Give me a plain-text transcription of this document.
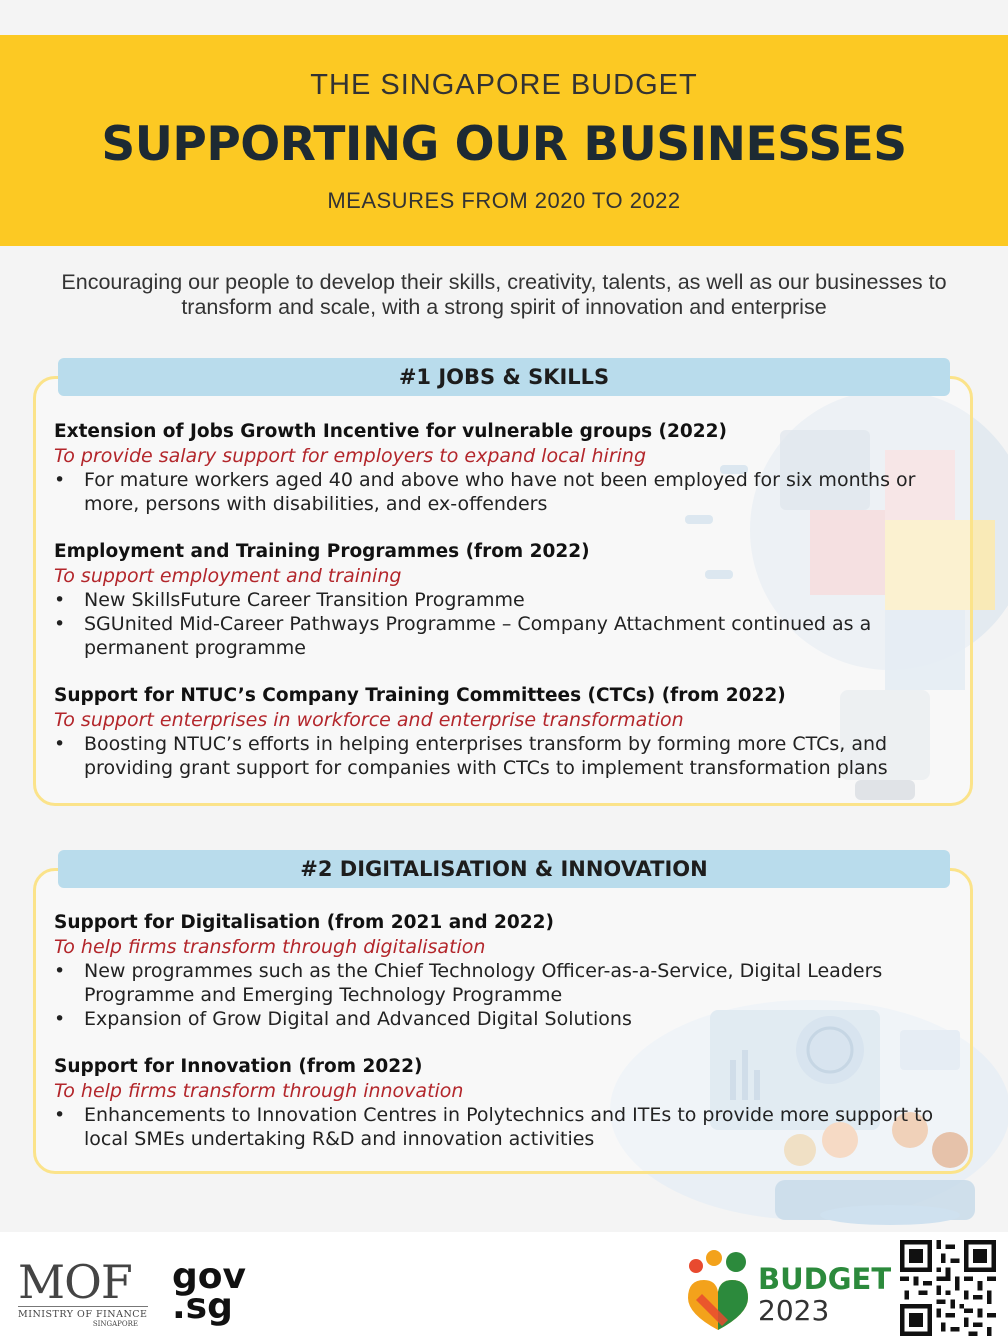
THE SINGAPORE BUDGET
SUPPORTING OUR BUSINESSES
MEASURES FROM 2020 TO 2022
Encouraging our people to develop their skills, creativity, talents, as well as our businesses to transform and scale, with a strong spirit of innovation and enterprise
#1 JOBS & SKILLS
Extension of Jobs Growth Incentive for vulnerable groups (2022)
To provide salary support for employers to expand local hiring
• For mature workers aged 40 and above who have not been employed for six months or more, persons with disabilities, and ex-offenders
Employment and Training Programmes (from 2022)
To support employment and training
• New SkillsFuture Career Transition Programme
• SGUnited Mid-Career Pathways Programme – Company Attachment continued as a permanent programme
Support for NTUC’s Company Training Committees (CTCs) (from 2022)
To support enterprises in workforce and enterprise transformation
• Boosting NTUC’s efforts in helping enterprises transform by forming more CTCs, and providing grant support for companies with CTCs to implement transformation plans
#2 DIGITALISATION & INNOVATION
Support for Digitalisation (from 2021 and 2022)
To help firms transform through digitalisation
• New programmes such as the Chief Technology Officer-as-a-Service, Digital Leaders Programme and Emerging Technology Programme
• Expansion of Grow Digital and Advanced Digital Solutions
Support for Innovation (from 2022)
To help firms transform through innovation
• Enhancements to Innovation Centres in Polytechnics and ITEs to provide more support to local SMEs undertaking R&D and innovation activities
MOF
MINISTRY OF FINANCE
SINGAPORE
gov
.sg
BUDGET
2023
